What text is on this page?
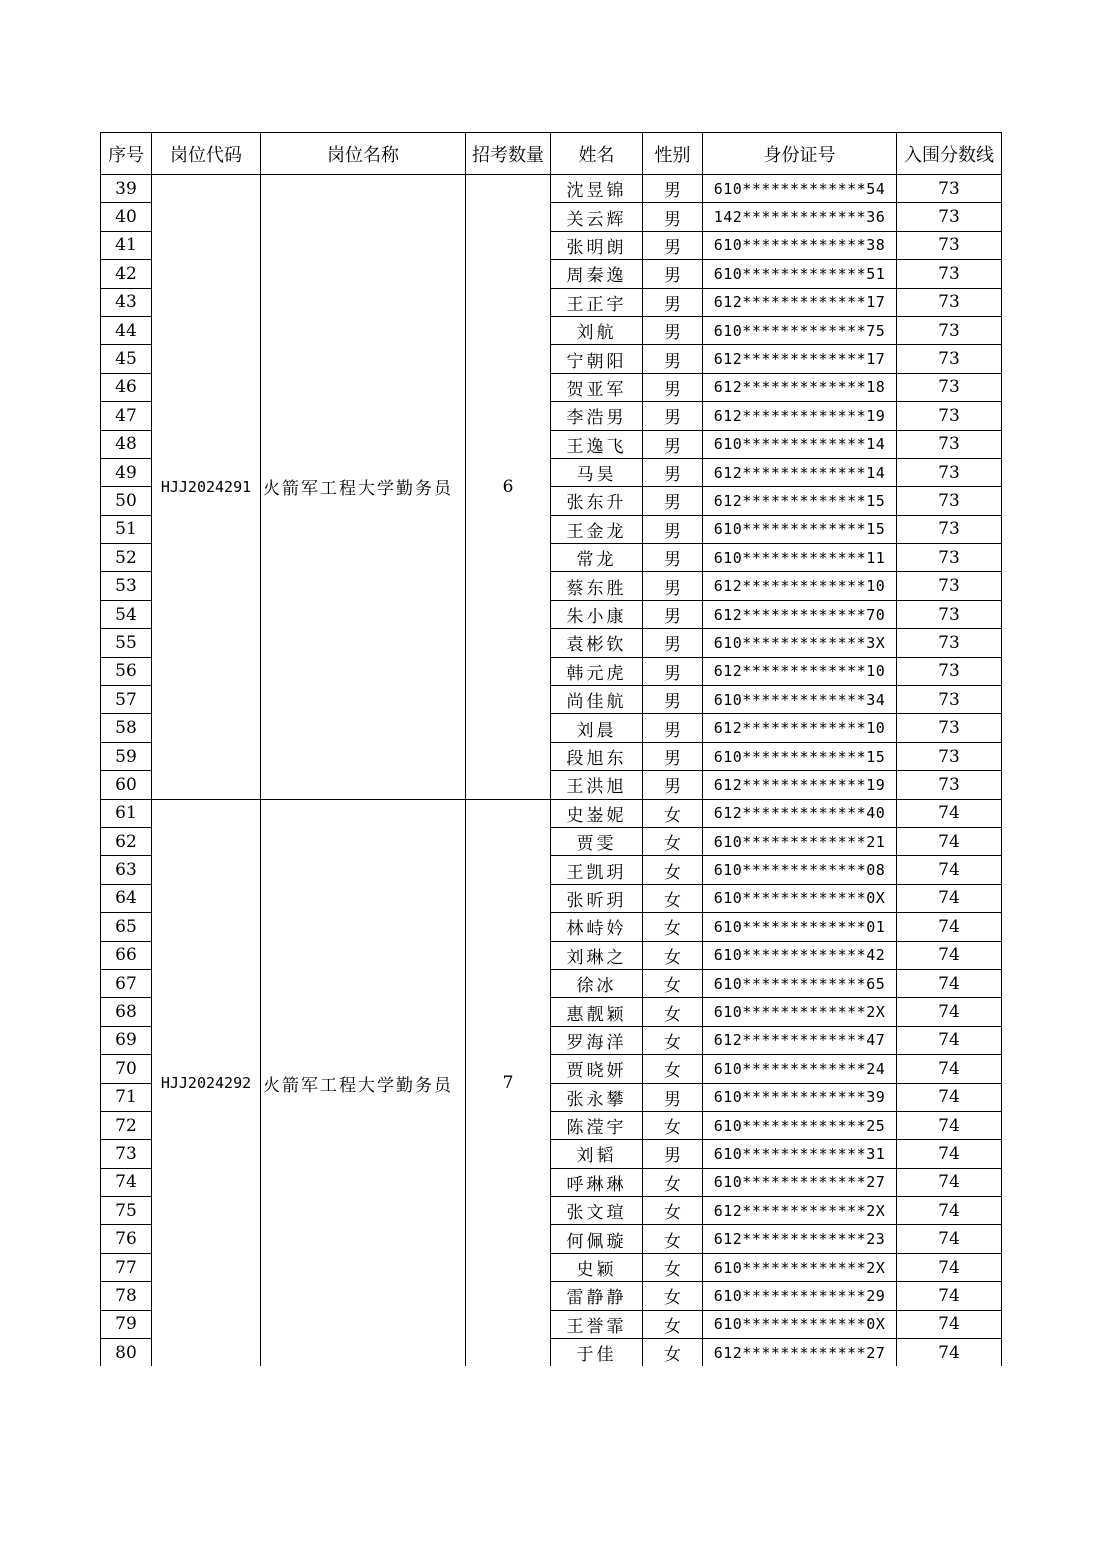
序号	岗位代码	岗位名称	招考数量	姓名	性别	身份证号	入围分数线
39	HJJ2024291	火箭军工程大学勤务员	6	沈昱锦	男	610*************54	73
40				关云辉	男	142*************36	73
41				张明朗	男	610*************38	73
42				周秦逸	男	610*************51	73
43				王正宇	男	612*************17	73
44				刘航	男	610*************75	73
45				宁朝阳	男	612*************17	73
46				贺亚军	男	612*************18	73
47				李浩男	男	612*************19	73
48				王逸飞	男	610*************14	73
49				马昊	男	612*************14	73
50				张东升	男	612*************15	73
51				王金龙	男	610*************15	73
52				常龙	男	610*************11	73
53				蔡东胜	男	612*************10	73
54				朱小康	男	612*************70	73
55				袁彬钦	男	610*************3X	73
56				韩元虎	男	612*************10	73
57				尚佳航	男	610*************34	73
58				刘晨	男	612*************10	73
59				段旭东	男	610*************15	73
60				王洪旭	男	612*************19	73
61	HJJ2024292	火箭军工程大学勤务员	7	史崟妮	女	612*************40	74
62				贾雯	女	610*************21	74
63				王凯玥	女	610*************08	74
64				张昕玥	女	610*************0X	74
65				林峙妗	女	610*************01	74
66				刘琳之	女	610*************42	74
67				徐冰	女	610*************65	74
68				惠靓颖	女	610*************2X	74
69				罗海洋	女	612*************47	74
70				贾晓妍	女	610*************24	74
71				张永攀	男	610*************39	74
72				陈滢宇	女	610*************25	74
73				刘韬	男	610*************31	74
74				呼琳琳	女	610*************27	74
75				张文瑄	女	612*************2X	74
76				何佩璇	女	612*************23	74
77				史颖	女	610*************2X	74
78				雷静静	女	610*************29	74
79				王誉霏	女	610*************0X	74
80				于佳	女	612*************27	74
